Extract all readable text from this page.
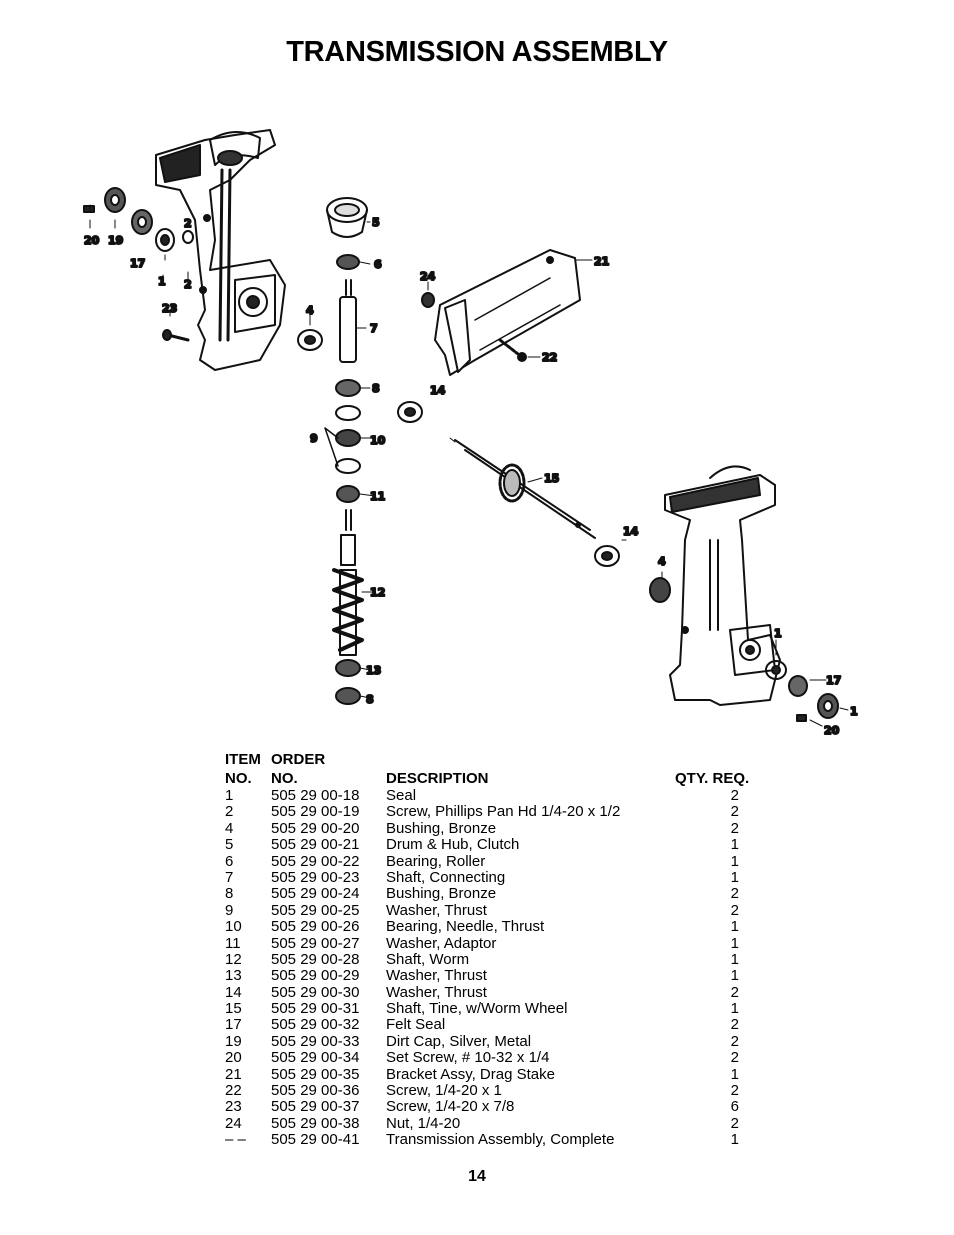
TRANSMISSION ASSEMBLY
20 19
17
1 2
2
23	4
5
6
7
8
9	10
11
12
13
8
14
24
21
22
15
14
4
1
17
1
20
ITEM ORDER
NO. NO.	DESCRIPTION	QTY. REQ.
1	505 29 00-18 Seal	2
2	505 29 00-19 Screw, Phillips Pan Hd 1/4-20 x 1/2	2
4	505 29 00-20 Bushing, Bronze	2
5	505 29 00-21 Drum & Hub, Clutch	1
6	505 29 00-22 Bearing, Roller	1
7	505 29 00-23 Shaft, Connecting	1
8	505 29 00-24 Bushing, Bronze	2
9	505 29 00-25 Washer, Thrust	2
10 505 29 00-26 Bearing, Needle, Thrust	1
11 505 29 00-27 Washer, Adaptor	1
12 505 29 00-28 Shaft, Worm	1
13 505 29 00-29 Washer, Thrust	1
14 505 29 00-30 Washer, Thrust	2
15 505 29 00-31 Shaft, Tine, w/Worm Wheel	1
17 505 29 00-32 Felt Seal	2
19 505 29 00-33 Dirt Cap, Silver, Metal	2
20 505 29 00-34 Set Screw, # 10-32 x 1/4	2
21 505 29 00-35 Bracket Assy, Drag Stake	1
22 505 29 00-36 Screw, 1/4-20 x 1	2
23 505 29 00-37 Screw, 1/4-20 x 7/8	6
24 505 29 00-38 Nut, 1/4-20	2
– – 505 29 00-41 Transmission Assembly, Complete	1
14
